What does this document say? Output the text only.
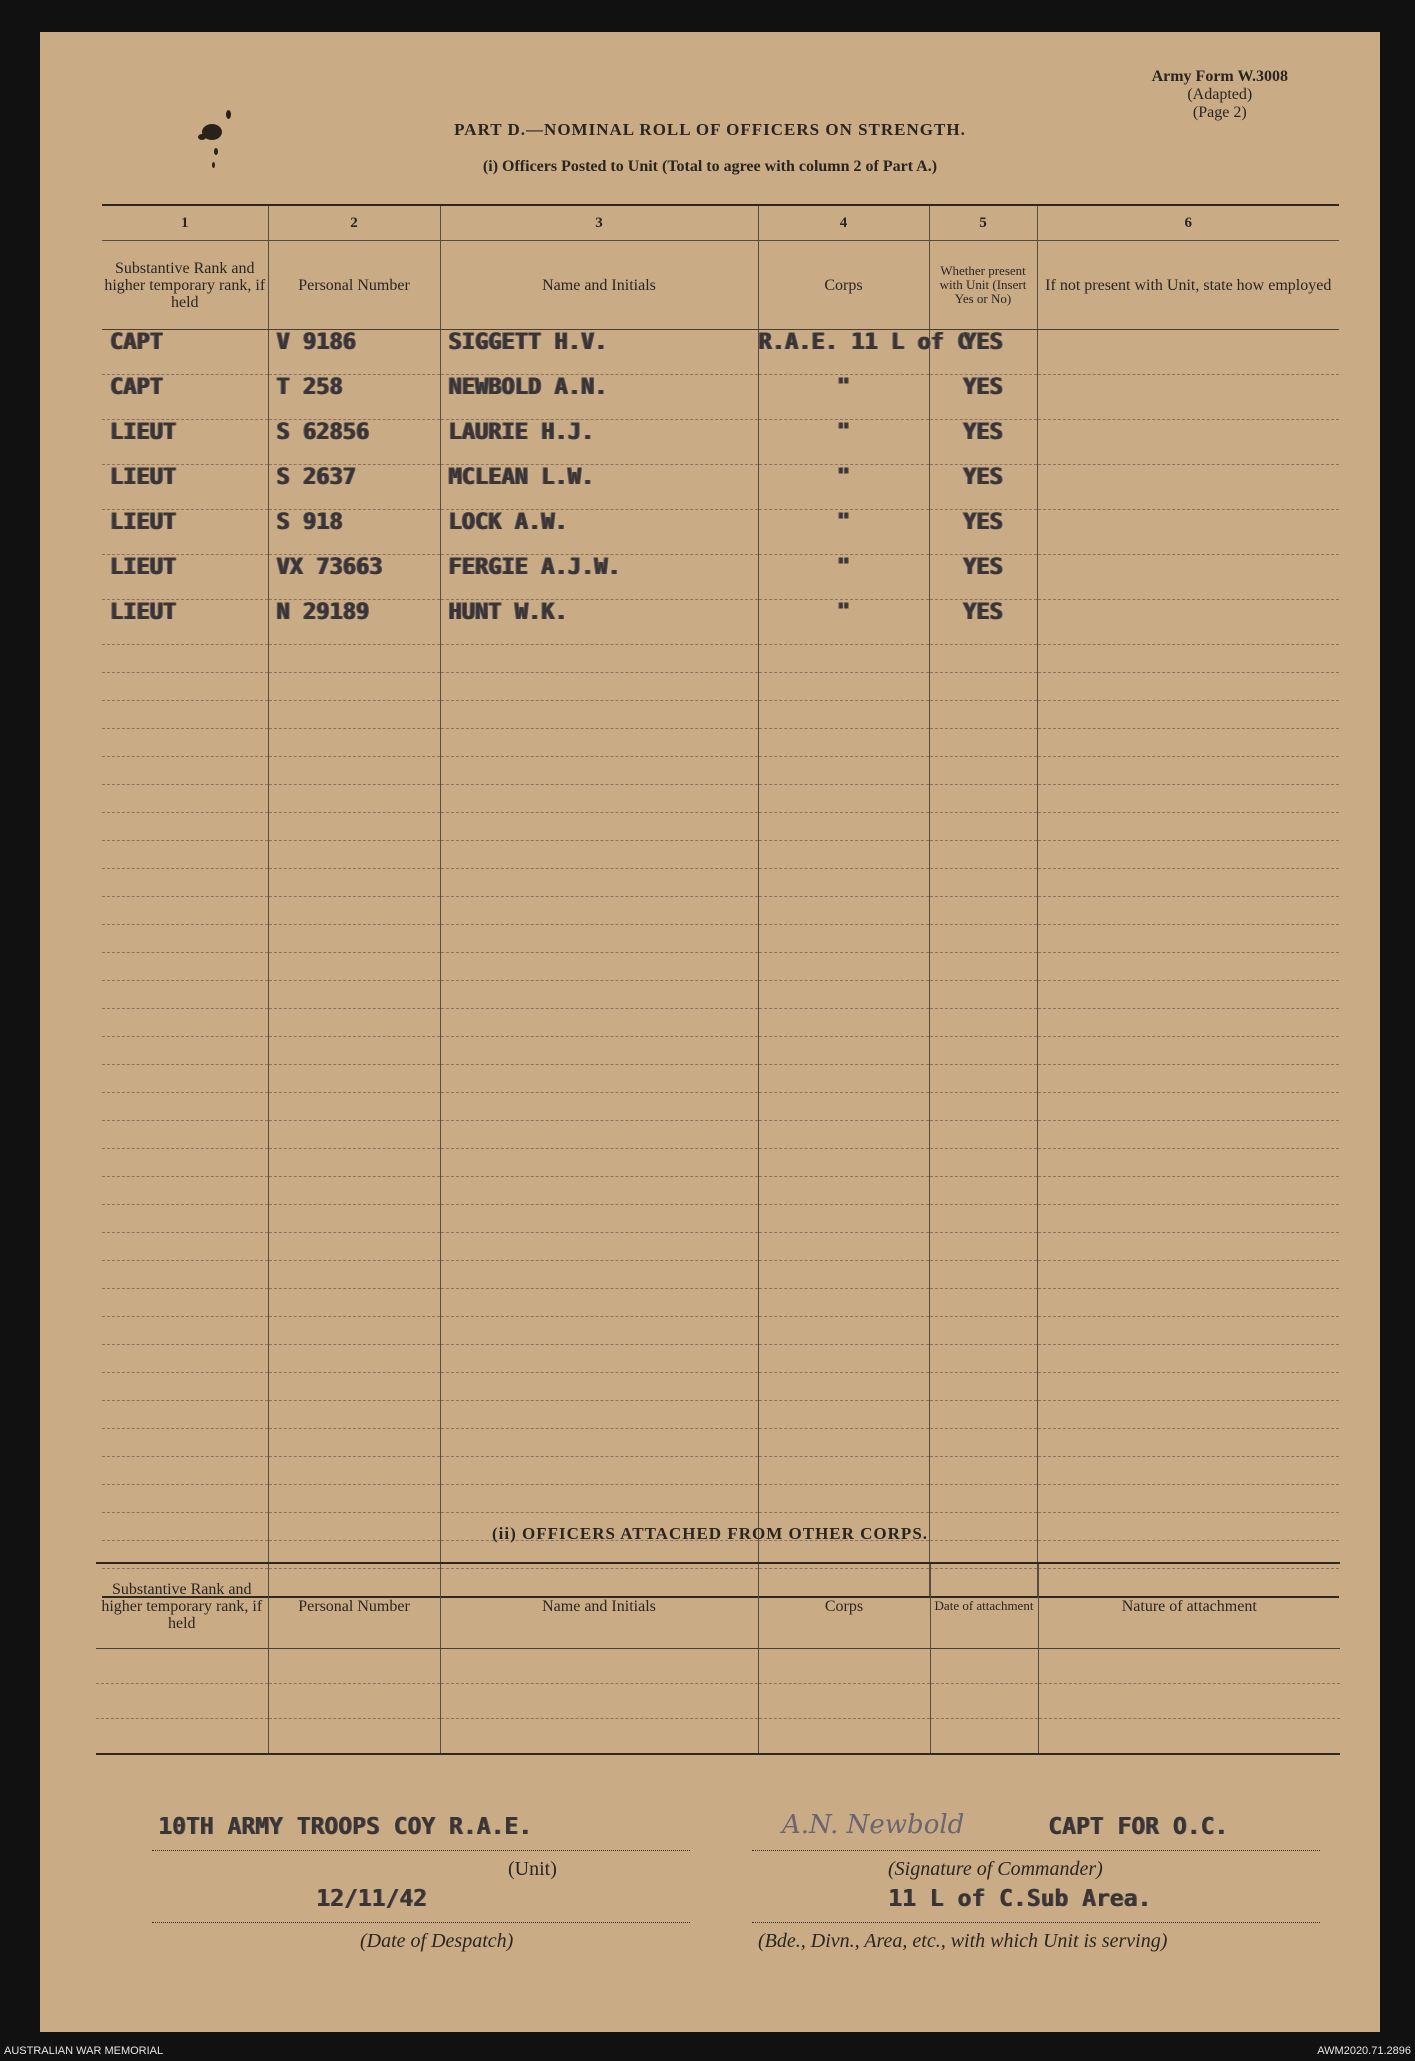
Army Form W.3008
(Adapted)
(Page 2)
PART D.—NOMINAL ROLL OF OFFICERS ON STRENGTH.
(i) Officers Posted to Unit (Total to agree with column 2 of Part A.)
1	2	3	4	5	6
Substantive Rank and higher temporary rank, if held	Personal Number	Name and Initials	Corps	Whether present with Unit (Insert Yes or No)	If not present with Unit, state how employed

CAPT	V 9186	SIGGETT H.V.	R.A.E. 11 L of C	YES	

CAPT	T 258	NEWBOLD A.N.	"	YES	

LIEUT	S 62856	LAURIE H.J.	"	YES	

LIEUT	S 2637	MCLEAN L.W.	"	YES	

LIEUT	S 918	LOCK A.W.	"	YES	

LIEUT	VX 73663	FERGIE A.J.W.	"	YES	

LIEUT	N 29189	HUNT W.K.	"	YES	

(ii) OFFICERS ATTACHED FROM OTHER CORPS.
Substantive Rank and higher temporary rank, if held	Personal Number	Name and Initials	Corps	Date of attachment	Nature of attachment

10TH ARMY TROOPS COY R.A.E.
(Unit)
A.N. Newbold	CAPT FOR O.C.
(Signature of Commander)
12/11/42
(Date of Despatch)
11 L of C.Sub Area.
(Bde., Divn., Area, etc., with which Unit is serving)
AUSTRALIAN WAR MEMORIAL	AWM2020.71.2896
